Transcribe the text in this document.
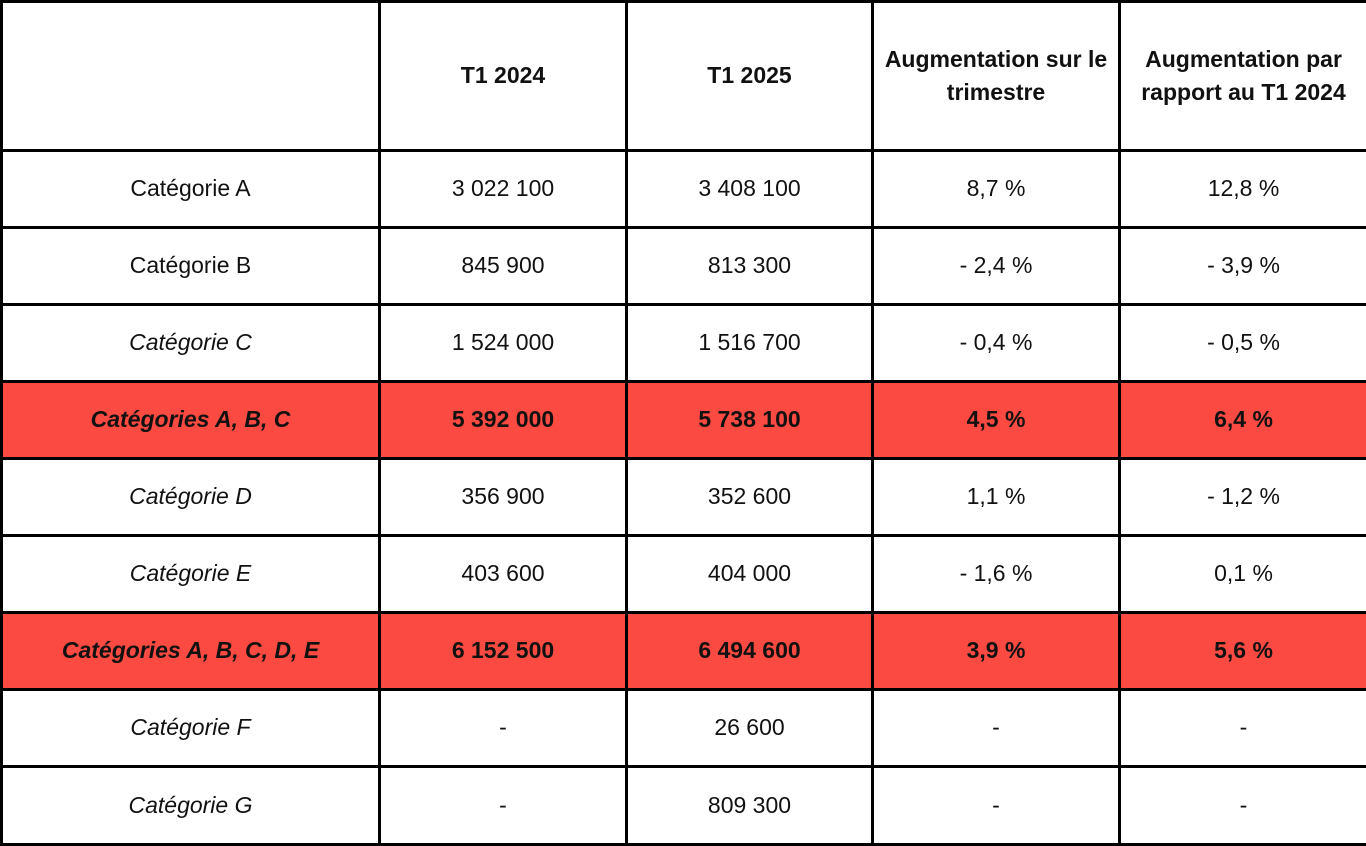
	T1 2024	T1 2025	Augmentation sur le trimestre	Augmentation par rapport au T1 2024
Catégorie A	3 022 100	3 408 100	8,7 %	12,8 %
Catégorie B	845 900	813 300	- 2,4 %	- 3,9 %
Catégorie C	1 524 000	1 516 700	- 0,4 %	- 0,5 %
Catégories A, B, C	5 392 000	5 738 100	4,5 %	6,4 %
Catégorie D	356 900	352 600	1,1 %	- 1,2 %
Catégorie E	403 600	404 000	- 1,6 %	0,1 %
Catégories A, B, C, D, E	6 152 500	6 494 600	3,9 %	5,6 %
Catégorie F	-	26 600	-	-
Catégorie G	-	809 300	-	-
